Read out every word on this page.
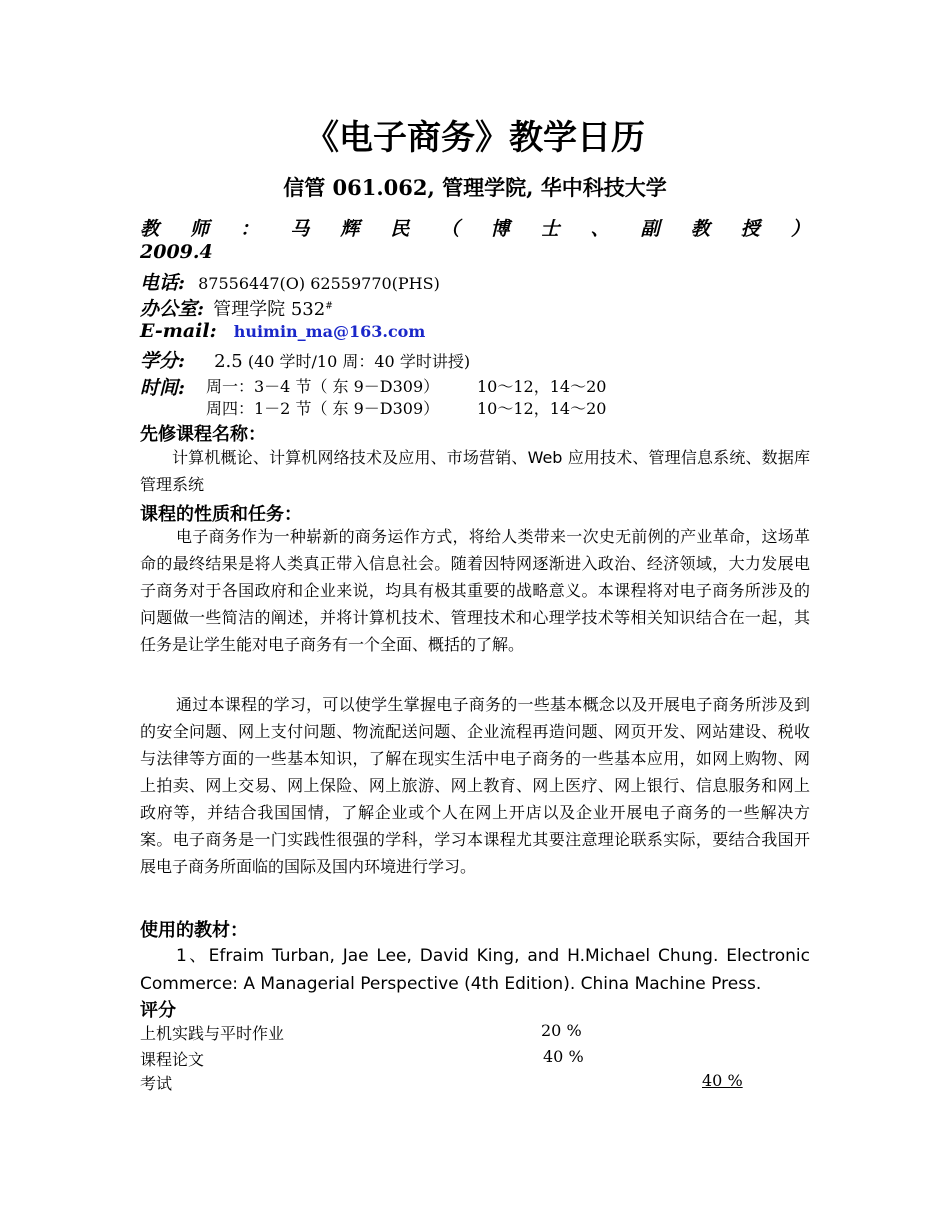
《电子商务》教学日历
信管 061.062, 管理学院, 华中科技大学
教 师 ： 马 辉 民 （ 博 士 、 副 教 授 ）
2009.4
电话: 87556447(O) 62559770(PHS)
办公室: 管理学院 532#
E-mail: huimin_ma@163.com
学分: 2.5 (40 学时/10 周：40 学时讲授)
时间: 周一：3－4 节（ 东 9－D309） 10～12，14～20
周四：1－2 节（ 东 9－D309） 10～12，14～20
先修课程名称：
计算机概论、计算机网络技术及应用、市场营销、Web 应用技术、管理信息系统、数据库管理系统
课程的性质和任务：
电子商务作为一种崭新的商务运作方式，将给人类带来一次史无前例的产业革命，这场革命的最终结果是将人类真正带入信息社会。随着因特网逐渐进入政治、经济领域，大力发展电子商务对于各国政府和企业来说，均具有极其重要的战略意义。本课程将对电子商务所涉及的问题做一些简洁的阐述，并将计算机技术、管理技术和心理学技术等相关知识结合在一起，其任务是让学生能对电子商务有一个全面、概括的了解。
通过本课程的学习，可以使学生掌握电子商务的一些基本概念以及开展电子商务所涉及到的安全问题、网上支付问题、物流配送问题、企业流程再造问题、网页开发、网站建设、税收与法律等方面的一些基本知识，了解在现实生活中电子商务的一些基本应用，如网上购物、网上拍卖、网上交易、网上保险、网上旅游、网上教育、网上医疗、网上银行、信息服务和网上政府等，并结合我国国情，了解企业或个人在网上开店以及企业开展电子商务的一些解决方案。电子商务是一门实践性很强的学科，学习本课程尤其要注意理论联系实际，要结合我国开展电子商务所面临的国际及国内环境进行学习。
使用的教材：
1、Efraim Turban, Jae Lee, David King, and H.Michael Chung. Electronic Commerce: A Managerial Perspective (4th Edition). China Machine Press.
评分
上机实践与平时作业	20 %
课程论文	40 %
考试	40 %
